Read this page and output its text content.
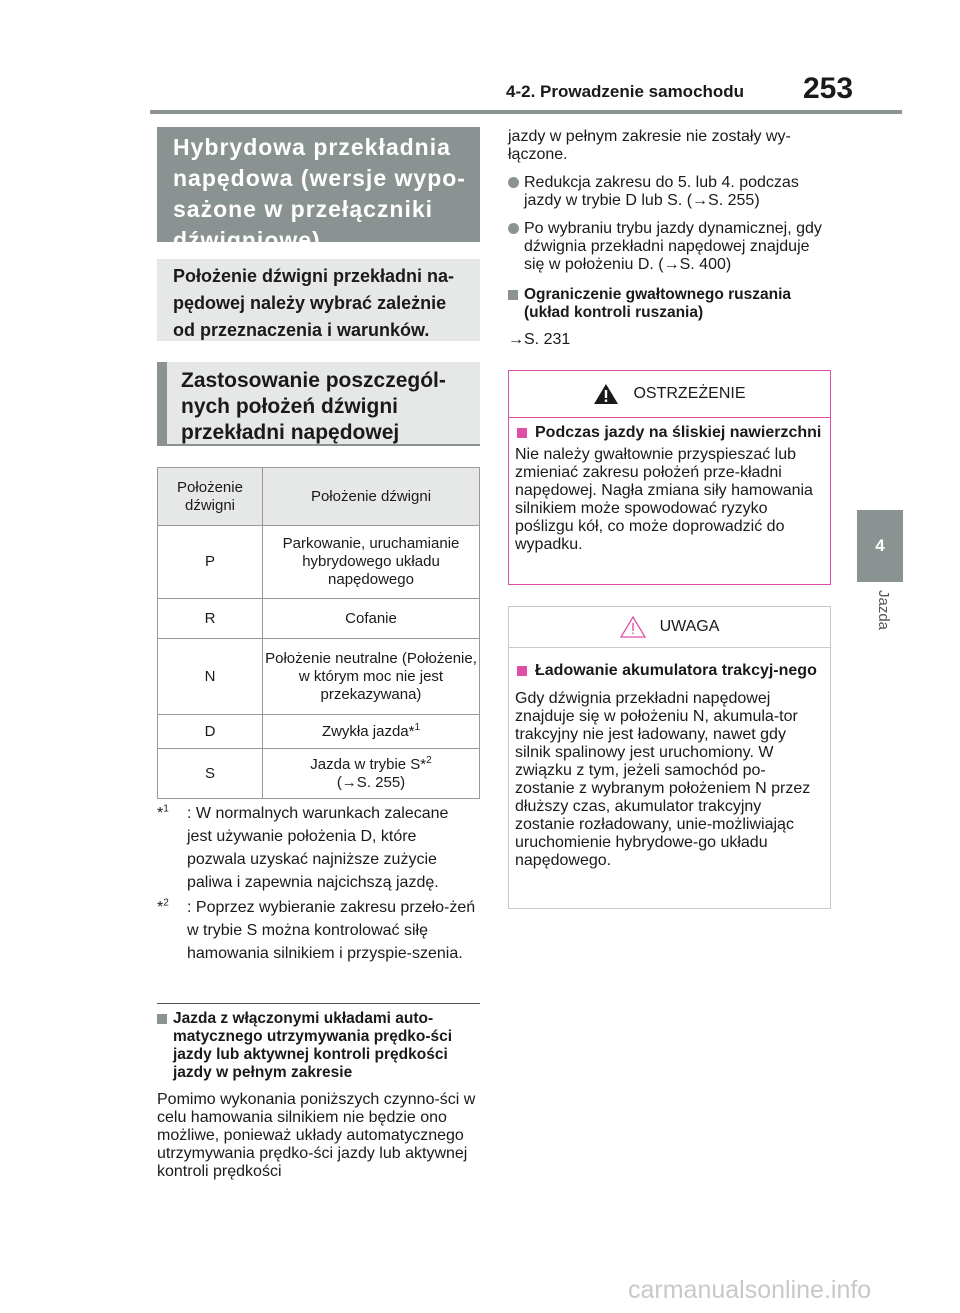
4-2. Prowadzenie samochodu 253
4
Jazda
Hybrydowa przekładnia napędowa (wersje wypo-sażone w przełączniki dźwigniowe)
Położenie dźwigni przekładni na-pędowej należy wybrać zależnie od przeznaczenia i warunków.
Zastosowanie poszczegól-nych położeń dźwigni przekładni napędowej
Położenie dźwigni	Położenie dźwigni
P	Parkowanie, uruchamianie hybrydowego układu napędowego
R	Cofanie
N	Położenie neutralne (Położenie, w którym moc nie jest przekazywana)
D	Zwykła jazda*$^1$
S	Jazda w trybie S*$^2$
(→S. 255)
*$^1$ : W normalnych warunkach zalecane jest używanie położenia D, które pozwala uzyskać najniższe zużycie paliwa i zapewnia najcichszą jazdę.
*$^2$ : Poprzez wybieranie zakresu przeło-żeń w trybie S można kontrolować siłę hamowania silnikiem i przyspie-szenia.
Jazda z włączonymi układami auto-matycznego utrzymywania prędko-ści jazdy lub aktywnej kontroli prędkości jazdy w pełnym zakresie
Pomimo wykonania poniższych czynno-ści w celu hamowania silnikiem nie będzie ono możliwe, ponieważ układy automatycznego utrzymywania prędko-ści jazdy lub aktywnej kontroli prędkości
jazdy w pełnym zakresie nie zostały wy-łączone.
Redukcja zakresu do 5. lub 4. podczas jazdy w trybie D lub S. (→S. 255)
Po wybraniu trybu jazdy dynamicznej, gdy dźwignia przekładni napędowej znajduje się w położeniu D. (→S. 400)
Ograniczenie gwałtownego ruszania (układ kontroli ruszania)
→S. 231
OSTRZEŻENIE
Podczas jazdy na śliskiej nawierzchni
Nie należy gwałtownie przyspieszać lub zmieniać zakresu położeń prze-kładni napędowej. Nagła zmiana siły hamowania silnikiem może spowodować ryzyko poślizgu kół, co może doprowadzić do wypadku.
UWAGA
Ładowanie akumulatora trakcyj-nego
Gdy dźwignia przekładni napędowej znajduje się w położeniu N, akumula-tor trakcyjny nie jest ładowany, nawet gdy silnik spalinowy jest uruchomiony. W związku z tym, jeżeli samochód po-zostanie z wybranym położeniem N przez dłuższy czas, akumulator trakcyjny zostanie rozładowany, unie-możliwiając uruchomienie hybrydowe-go układu napędowego.
carmanualsonline.info
